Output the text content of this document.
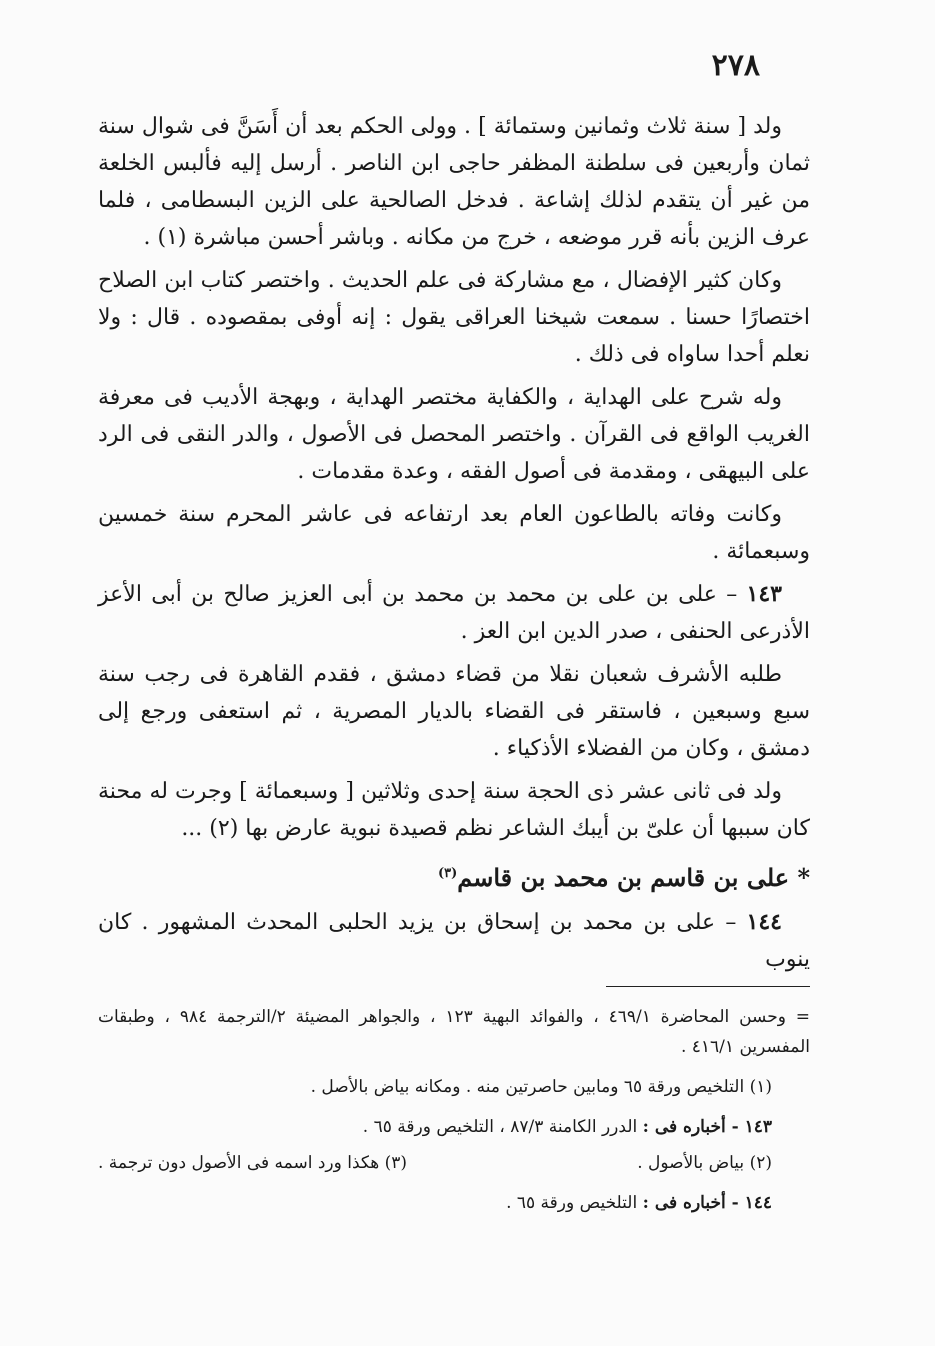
٢٧٨

ولد [ سنة ثلاث وثمانين وستمائة ] . وولى الحكم بعد أن أَسَنَّ فى شوال سنة ثمان وأربعين فى سلطنة المظفر حاجى ابن الناصر . أرسل إليه فألبس الخلعة من غير أن يتقدم لذلك إشاعة . فدخل الصالحية على الزين البسطامى ، فلما عرف الزين بأنه قرر موضعه ، خرج من مكانه . وباشر أحسن مباشرة (١) .

وكان كثير الإفضال ، مع مشاركة فى علم الحديث . واختصر كتاب ابن الصلاح اختصارًا حسنا . سمعت شيخنا العراقى يقول : إنه أوفى بمقصوده . قال : ولا نعلم أحدا ساواه فى ذلك .

وله شرح على الهداية ، والكفاية مختصر الهداية ، وبهجة الأديب فى معرفة الغريب الواقع فى القرآن . واختصر المحصل فى الأصول ، والدر النقى فى الرد على البيهقى ، ومقدمة فى أصول الفقه ، وعدة مقدمات .

وكانت وفاته بالطاعون العام بعد ارتفاعه فى عاشر المحرم سنة خمسين وسبعمائة .

١٤٣ – على بن على بن محمد بن محمد بن أبى العزيز صالح بن أبى الأعز الأذرعى الحنفى ، صدر الدين ابن العز .

طلبه الأشرف شعبان نقلا من قضاء دمشق ، فقدم القاهرة فى رجب سنة سبع وسبعين ، فاستقر فى القضاء بالديار المصرية ، ثم استعفى ورجع إلى دمشق ، وكان من الفضلاء الأذكياء .

ولد فى ثانى عشر ذى الحجة سنة إحدى وثلاثين [ وسبعمائة ] وجرت له محنة كان سببها أن علىّ بن أيبك الشاعر نظم قصيدة نبوية عارض بها (٢) ...

* على بن قاسم بن محمد بن قاسم$^{(٣)}$

١٤٤ – على بن محمد بن إسحاق بن يزيد الحلبى المحدث المشهور . كان ينوب

= وحسن المحاضرة ٤٦٩/١ ، والفوائد البهية ١٢٣ ، والجواهر المضيئة ٢/الترجمة ٩٨٤ ، وطبقات المفسرين ٤١٦/١ .

(١) التلخيص ورقة ٦٥ ومابين حاصرتين منه . ومكانه بياض بالأصل .

١٤٣ - أخباره فى : الدرر الكامنة ٨٧/٣ ، التلخيص ورقة ٦٥ .

(٢) بياض بالأصول .
(٣) هكذا ورد اسمه فى الأصول دون ترجمة .

١٤٤ - أخباره فى : التلخيص ورقة ٦٥ .
